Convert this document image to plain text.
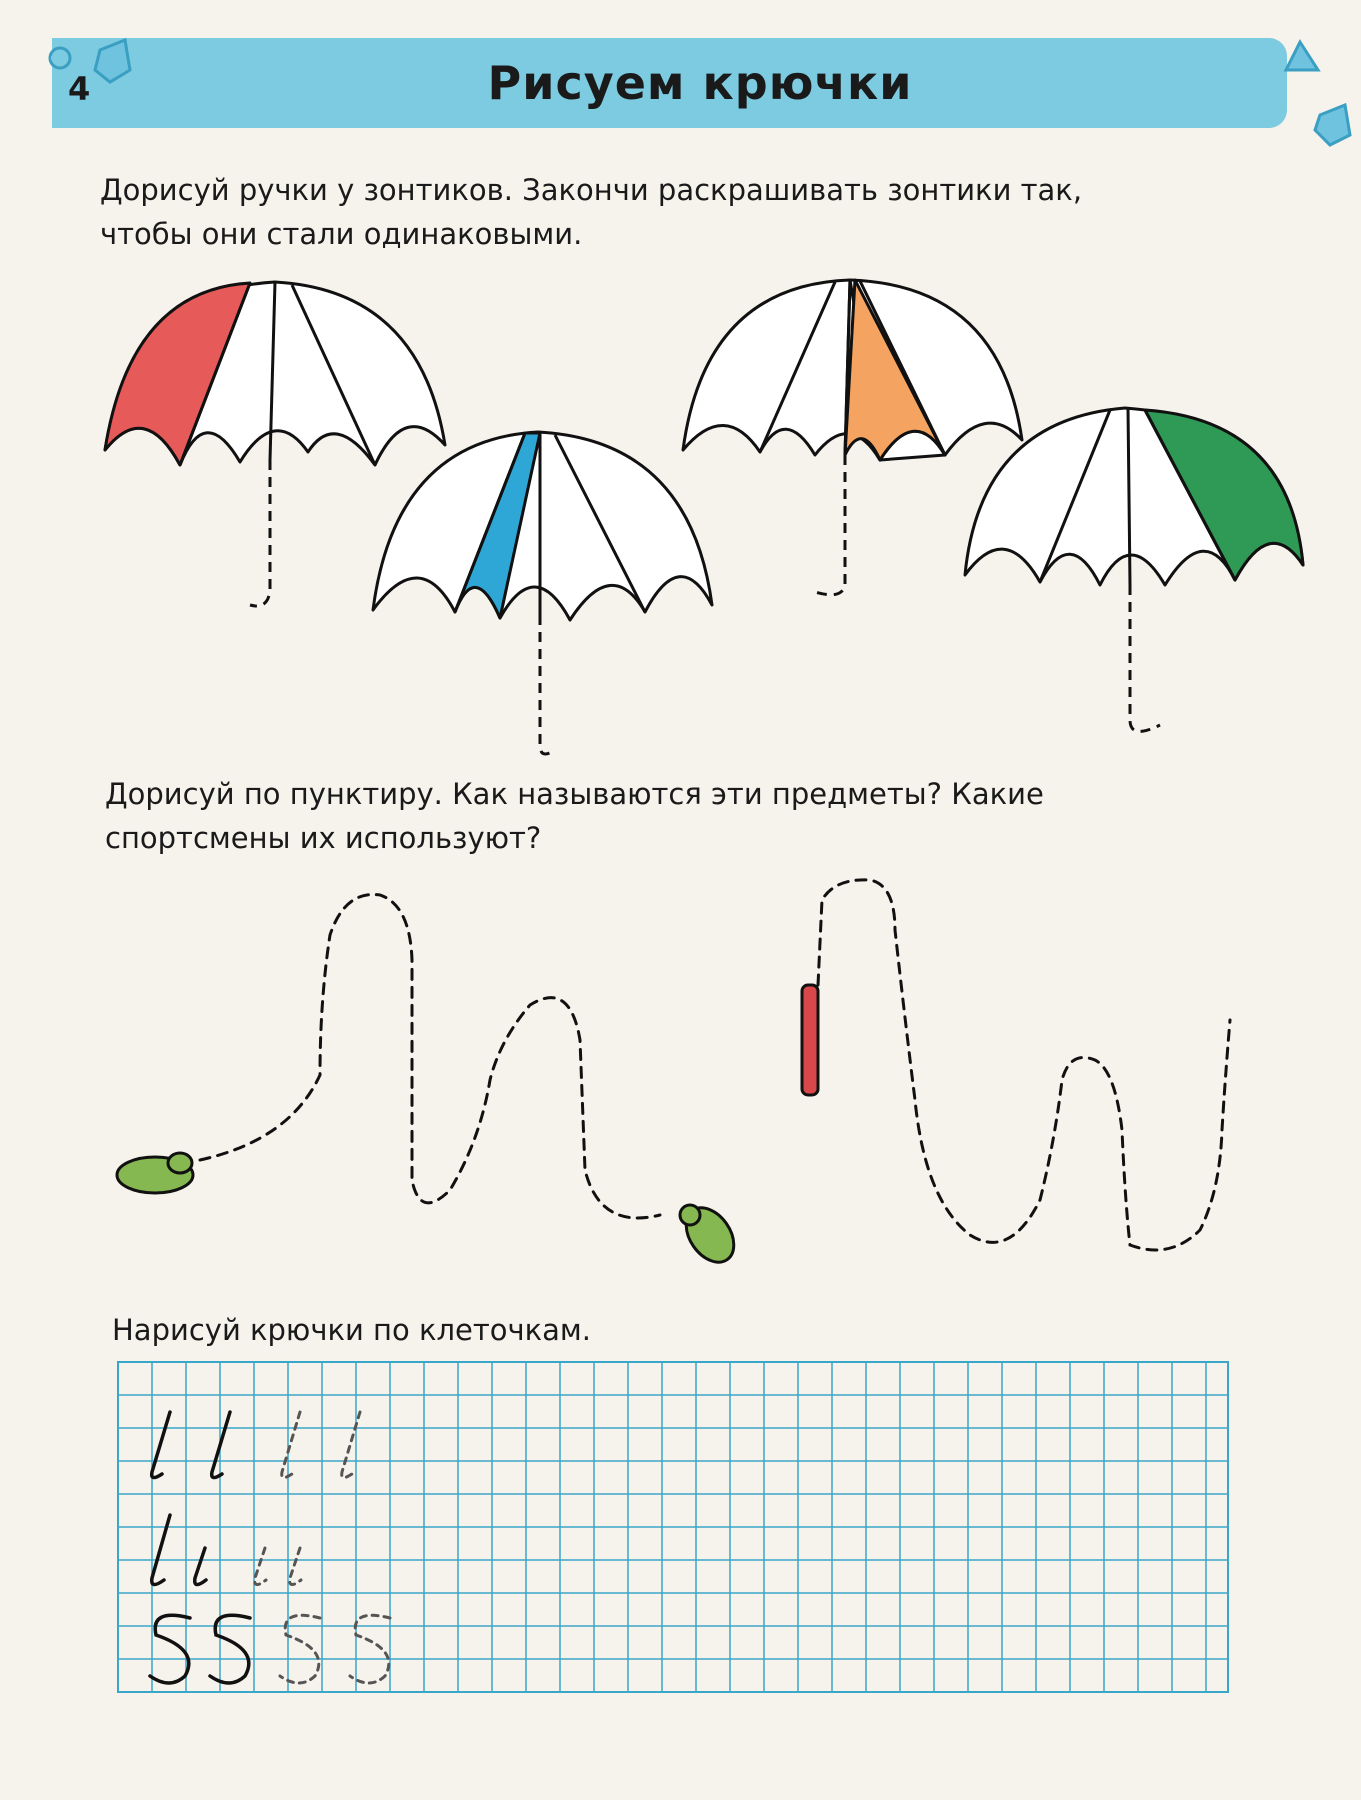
4	Рисуем крючки
Дорисуй ручки у зонтиков. Закончи раскрашивать зонтики так,
чтобы они стали одинаковыми.
Дорисуй по пунктиру. Как называются эти предметы? Какие
спортсмены их используют?
Нарисуй крючки по клеточкам.
